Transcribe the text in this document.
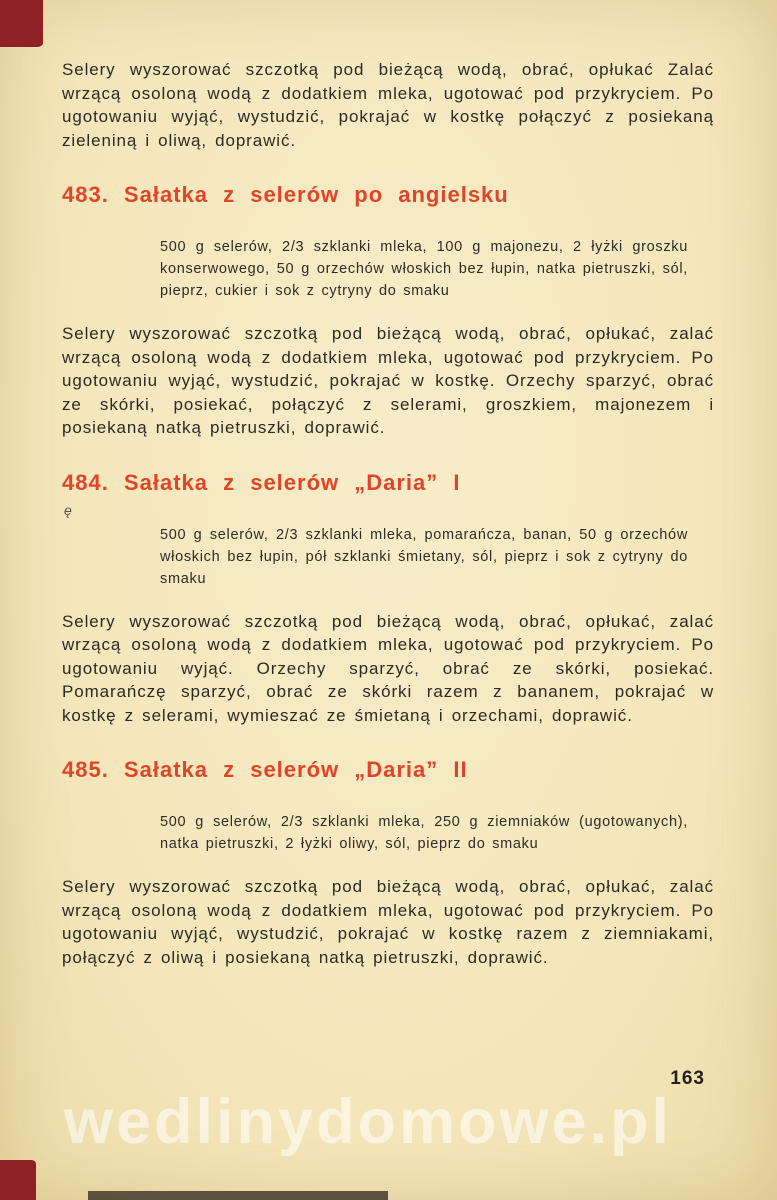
Selery wyszorować szczotką pod bieżącą wodą, obrać, opłukać Zalać wrzącą osoloną wodą z dodatkiem mleka, ugotować pod przykryciem. Po ugotowaniu wyjąć, wystudzić, pokrajać w kostkę połączyć z posiekaną zieleniną i oliwą, doprawić.

483. Sałatka z selerów po angielsku

500 g selerów, 2/3 szklanki mleka, 100 g majonezu, 2 łyżki groszku konserwowego, 50 g orzechów włoskich bez łupin, natka pietruszki, sól, pieprz, cukier i sok z cytryny do smaku

Selery wyszorować szczotką pod bieżącą wodą, obrać, opłukać, zalać wrzącą osoloną wodą z dodatkiem mleka, ugotować pod przykryciem. Po ugotowaniu wyjąć, wystudzić, pokrajać w kostkę. Orzechy sparzyć, obrać ze skórki, posiekać, połączyć z selerami, groszkiem, majonezem i posiekaną natką pietruszki, doprawić.

484. Sałatka z selerów „Daria” I
ę

500 g selerów, 2/3 szklanki mleka, pomarańcza, banan, 50 g orzechów włoskich bez łupin, pół szklanki śmietany, sól, pieprz i sok z cytryny do smaku

Selery wyszorować szczotką pod bieżącą wodą, obrać, opłukać, zalać wrzącą osoloną wodą z dodatkiem mleka, ugotować pod przykryciem. Po ugotowaniu wyjąć. Orzechy sparzyć, obrać ze skórki, posiekać. Pomarańczę sparzyć, obrać ze skórki razem z bananem, pokrajać w kostkę z selerami, wymieszać ze śmietaną i orzechami, doprawić.

485. Sałatka z selerów „Daria” II

500 g selerów, 2/3 szklanki mleka, 250 g ziemniaków (ugotowanych), natka pietruszki, 2 łyżki oliwy, sól, pieprz do smaku

Selery wyszorować szczotką pod bieżącą wodą, obrać, opłukać, zalać wrzącą osoloną wodą z dodatkiem mleka, ugotować pod przykryciem. Po ugotowaniu wyjąć, wystudzić, pokrajać w kostkę razem z ziemniakami, połączyć z oliwą i posiekaną natką pietruszki, doprawić.

163
wedlinydomowe.pl
